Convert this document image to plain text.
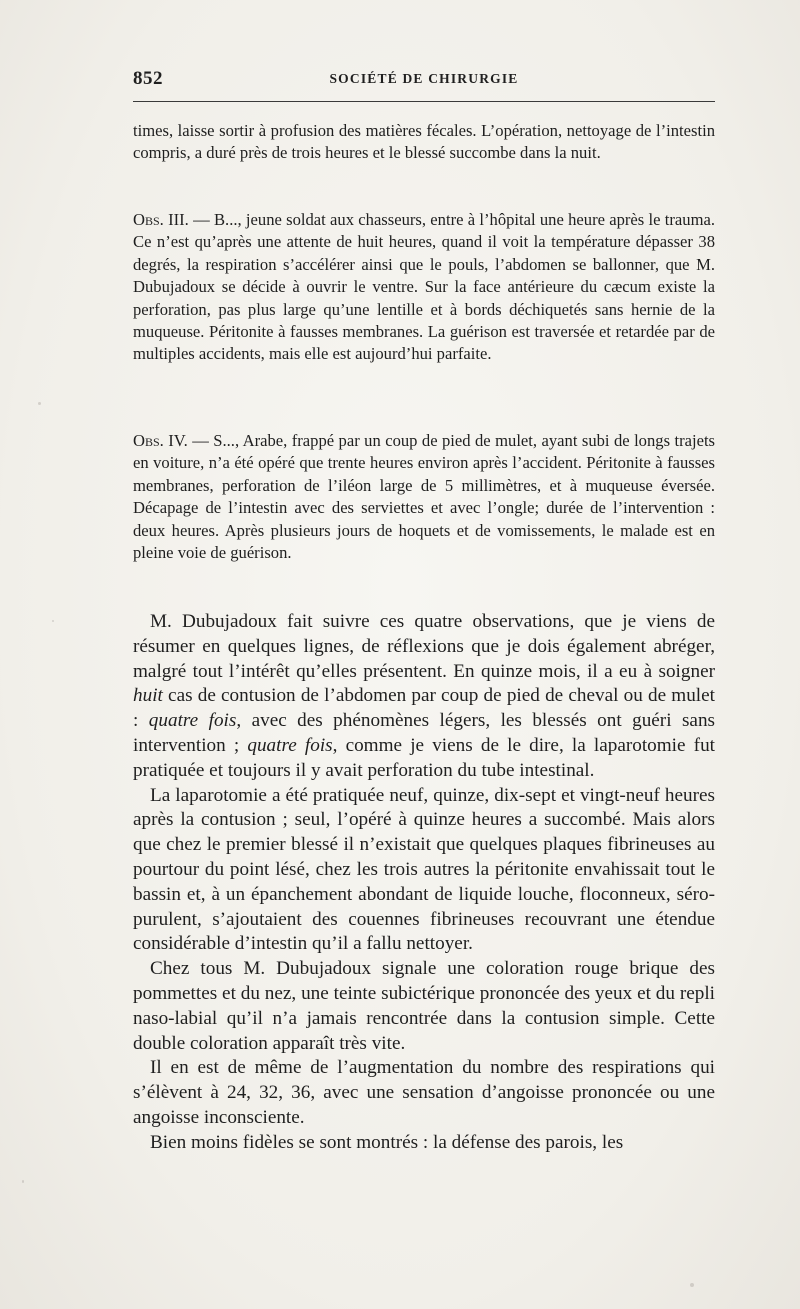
852	SOCIÉTÉ DE CHIRURGIE

times, laisse sortir à profusion des matières fécales. L’opération, nettoyage de l’intestin compris, a duré près de trois heures et le blessé succombe dans la nuit.

Obs. III. — B..., jeune soldat aux chasseurs, entre à l’hôpital une heure après le trauma. Ce n’est qu’après une attente de huit heures, quand il voit la température dépasser 38 degrés, la respiration s’accélérer ainsi que le pouls, l’abdomen se ballonner, que M. Dubujadoux se décide à ouvrir le ventre. Sur la face antérieure du cæcum existe la perforation, pas plus large qu’une lentille et à bords déchiquetés sans hernie de la muqueuse. Péritonite à fausses membranes. La guérison est traversée et retardée par de multiples accidents, mais elle est aujourd’hui parfaite.

Obs. IV. — S..., Arabe, frappé par un coup de pied de mulet, ayant subi de longs trajets en voiture, n’a été opéré que trente heures environ après l’accident. Péritonite à fausses membranes, perforation de l’iléon large de 5 millimètres, et à muqueuse éversée. Décapage de l’intestin avec des serviettes et avec l’ongle; durée de l’intervention : deux heures. Après plusieurs jours de hoquets et de vomissements, le malade est en pleine voie de guérison.

M. Dubujadoux fait suivre ces quatre observations, que je viens de résumer en quelques lignes, de réflexions que je dois également abréger, malgré tout l’intérêt qu’elles présentent. En quinze mois, il a eu à soigner huit cas de contusion de l’abdomen par coup de pied de cheval ou de mulet : quatre fois, avec des phénomènes légers, les blessés ont guéri sans intervention ; quatre fois, comme je viens de le dire, la laparotomie fut pratiquée et toujours il y avait perforation du tube intestinal.

La laparotomie a été pratiquée neuf, quinze, dix-sept et vingt-neuf heures après la contusion ; seul, l’opéré à quinze heures a succombé. Mais alors que chez le premier blessé il n’existait que quelques plaques fibrineuses au pourtour du point lésé, chez les trois autres la péritonite envahissait tout le bassin et, à un épanchement abondant de liquide louche, floconneux, séro-purulent, s’ajoutaient des couennes fibrineuses recouvrant une étendue considérable d’intestin qu’il a fallu nettoyer.

Chez tous M. Dubujadoux signale une coloration rouge brique des pommettes et du nez, une teinte subictérique prononcée des yeux et du repli naso-labial qu’il n’a jamais rencontrée dans la contusion simple. Cette double coloration apparaît très vite.

Il en est de même de l’augmentation du nombre des respirations qui s’élèvent à 24, 32, 36, avec une sensation d’angoisse prononcée ou une angoisse inconsciente.

Bien moins fidèles se sont montrés : la défense des parois, les
